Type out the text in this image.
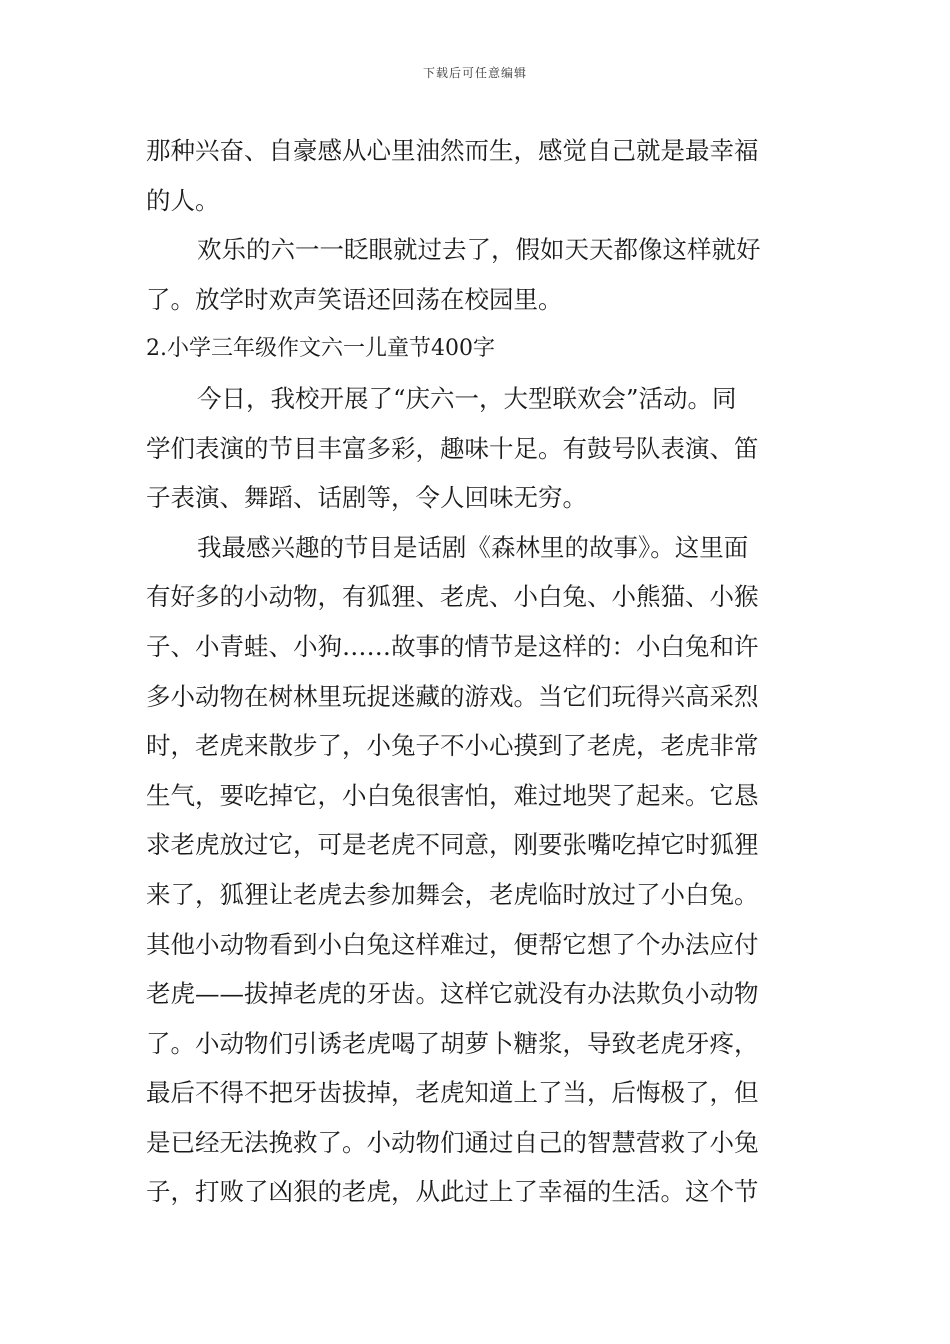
下载后可任意编辑
那种兴奋、自豪感从心里油然而生，感觉自己就是最幸福
的人。
欢乐的六一一眨眼就过去了，假如天天都像这样就好
了。放学时欢声笑语还回荡在校园里。
2.小学三年级作文六一儿童节400字
今日，我校开展了“庆六一，大型联欢会”活动。同
学们表演的节目丰富多彩，趣味十足。有鼓号队表演、笛
子表演、舞蹈、话剧等，令人回味无穷。
我最感兴趣的节目是话剧《森林里的故事》。这里面
有好多的小动物，有狐狸、老虎、小白兔、小熊猫、小猴
子、小青蛙、小狗……故事的情节是这样的：小白兔和许
多小动物在树林里玩捉迷藏的游戏。当它们玩得兴高采烈
时，老虎来散步了，小兔子不小心摸到了老虎，老虎非常
生气，要吃掉它，小白兔很害怕，难过地哭了起来。它恳
求老虎放过它，可是老虎不同意，刚要张嘴吃掉它时狐狸
来了，狐狸让老虎去参加舞会，老虎临时放过了小白兔。
其他小动物看到小白兔这样难过，便帮它想了个办法应付
老虎——拔掉老虎的牙齿。这样它就没有办法欺负小动物
了。小动物们引诱老虎喝了胡萝卜糖浆，导致老虎牙疼，
最后不得不把牙齿拔掉，老虎知道上了当，后悔极了，但
是已经无法挽救了。小动物们通过自己的智慧营救了小兔
子，打败了凶狠的老虎，从此过上了幸福的生活。这个节
